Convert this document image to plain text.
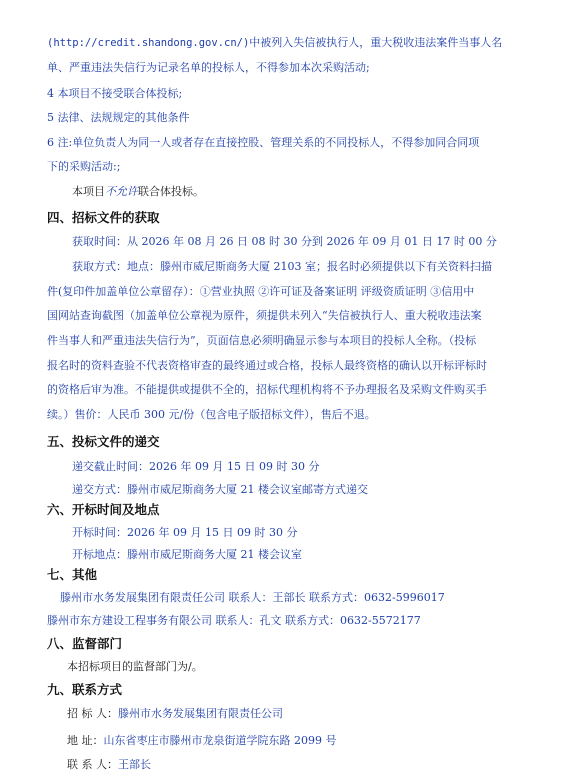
(http://credit.shandong.gov.cn/)中被列入失信被执行人，重大税收违法案件当事人名
单、严重违法失信行为记录名单的投标人，不得参加本次采购活动;
4 本项目不接受联合体投标;
5 法律、法规规定的其他条件
6 注:单位负责人为同一人或者存在直接控股、管理关系的不同投标人，不得参加同合同项
下的采购活动:;
本项目不允许联合体投标。
四、招标文件的获取
获取时间：从 2026 年 08 月 26 日 08 时 30 分到 2026 年 09 月 01 日 17 时 00 分
获取方式：地点：滕州市威尼斯商务大厦 2103 室；报名时必须提供以下有关资料扫描
件(复印件加盖单位公章留存）：①营业执照 ②许可证及备案证明 评级资质证明 ③信用中
国网站查询截图（加盖单位公章视为原件，须提供未列入“失信被执行人、重大税收违法案
件当事人和严重违法失信行为”，页面信息必须明确显示参与本项目的投标人全称。（投标
报名时的资料查验不代表资格审查的最终通过或合格，投标人最终资格的确认以开标评标时
的资格后审为准。不能提供或提供不全的，招标代理机构将不予办理报名及采购文件购买手
续。）售价：人民币 300 元/份（包含电子版招标文件），售后不退。
五、投标文件的递交
递交截止时间：2026 年 09 月 15 日 09 时 30 分
递交方式：滕州市威尼斯商务大厦 21 楼会议室邮寄方式递交
六、开标时间及地点
开标时间：2026 年 09 月 15 日 09 时 30 分
开标地点：滕州市威尼斯商务大厦 21 楼会议室
七、其他
滕州市水务发展集团有限责任公司 联系人：王部长 联系方式：0632-5996017
滕州市东方建设工程事务有限公司 联系人：孔文 联系方式：0632-5572177
八、监督部门
本招标项目的监督部门为/。
九、联系方式
招 标 人：滕州市水务发展集团有限责任公司
地 址：山东省枣庄市滕州市龙泉街道学院东路 2099 号
联 系 人：王部长
